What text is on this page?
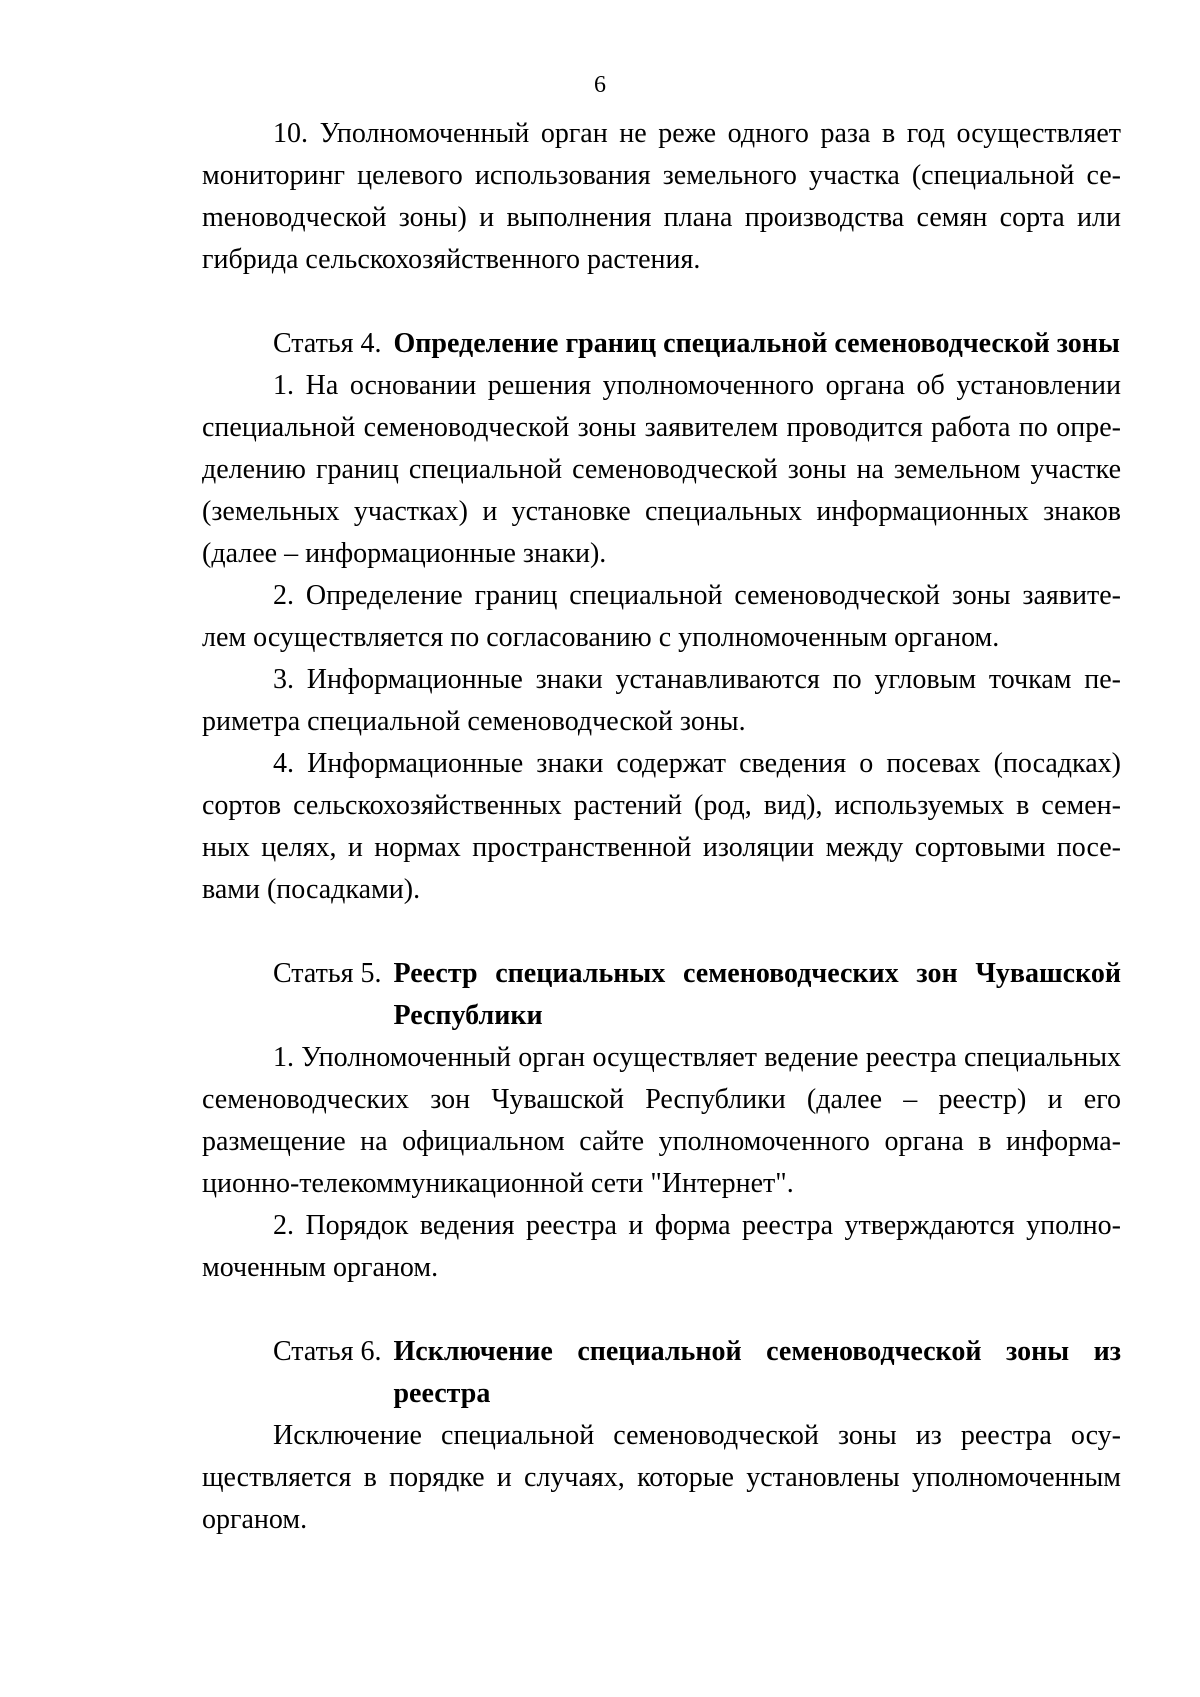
6

10. Уполномоченный орган не реже одного раза в год осуществляет мониторинг целевого использования земельного участка (специальной сеmеноводческой зоны) и выполнения плана производства семян сорта или гибрида сельскохозяйственного растения.

Статья 4. Определение границ специальной семеноводческой зоны

1. На основании решения уполномоченного органа об установлении специальной семеноводческой зоны заявителем проводится работа по определению границ специальной семеноводческой зоны на земельном участке (земельных участках) и установке специальных информационных знаков (далее – информационные знаки).

2. Определение границ специальной семеноводческой зоны заявителем осуществляется по согласованию с уполномоченным органом.

3. Информационные знаки устанавливаются по угловым точкам периметра специальной семеноводческой зоны.

4. Информационные знаки содержат сведения о посевах (посадках) сортов сельскохозяйственных растений (род, вид), используемых в семенных целях, и нормах пространственной изоляции между сортовыми посевами (посадками).

Статья 5. Реестр специальных семеноводческих зон Чувашской Республики

1. Уполномоченный орган осуществляет ведение реестра специальных семеноводческих зон Чувашской Республики (далее – реестр) и его размещение на официальном сайте уполномоченного органа в информационно-телекоммуникационной сети "Интернет".

2. Порядок ведения реестра и форма реестра утверждаются уполномоченным органом.

Статья 6. Исключение специальной семеноводческой зоны из реестра

Исключение специальной семеноводческой зоны из реестра осуществляется в порядке и случаях, которые установлены уполномоченным органом.
